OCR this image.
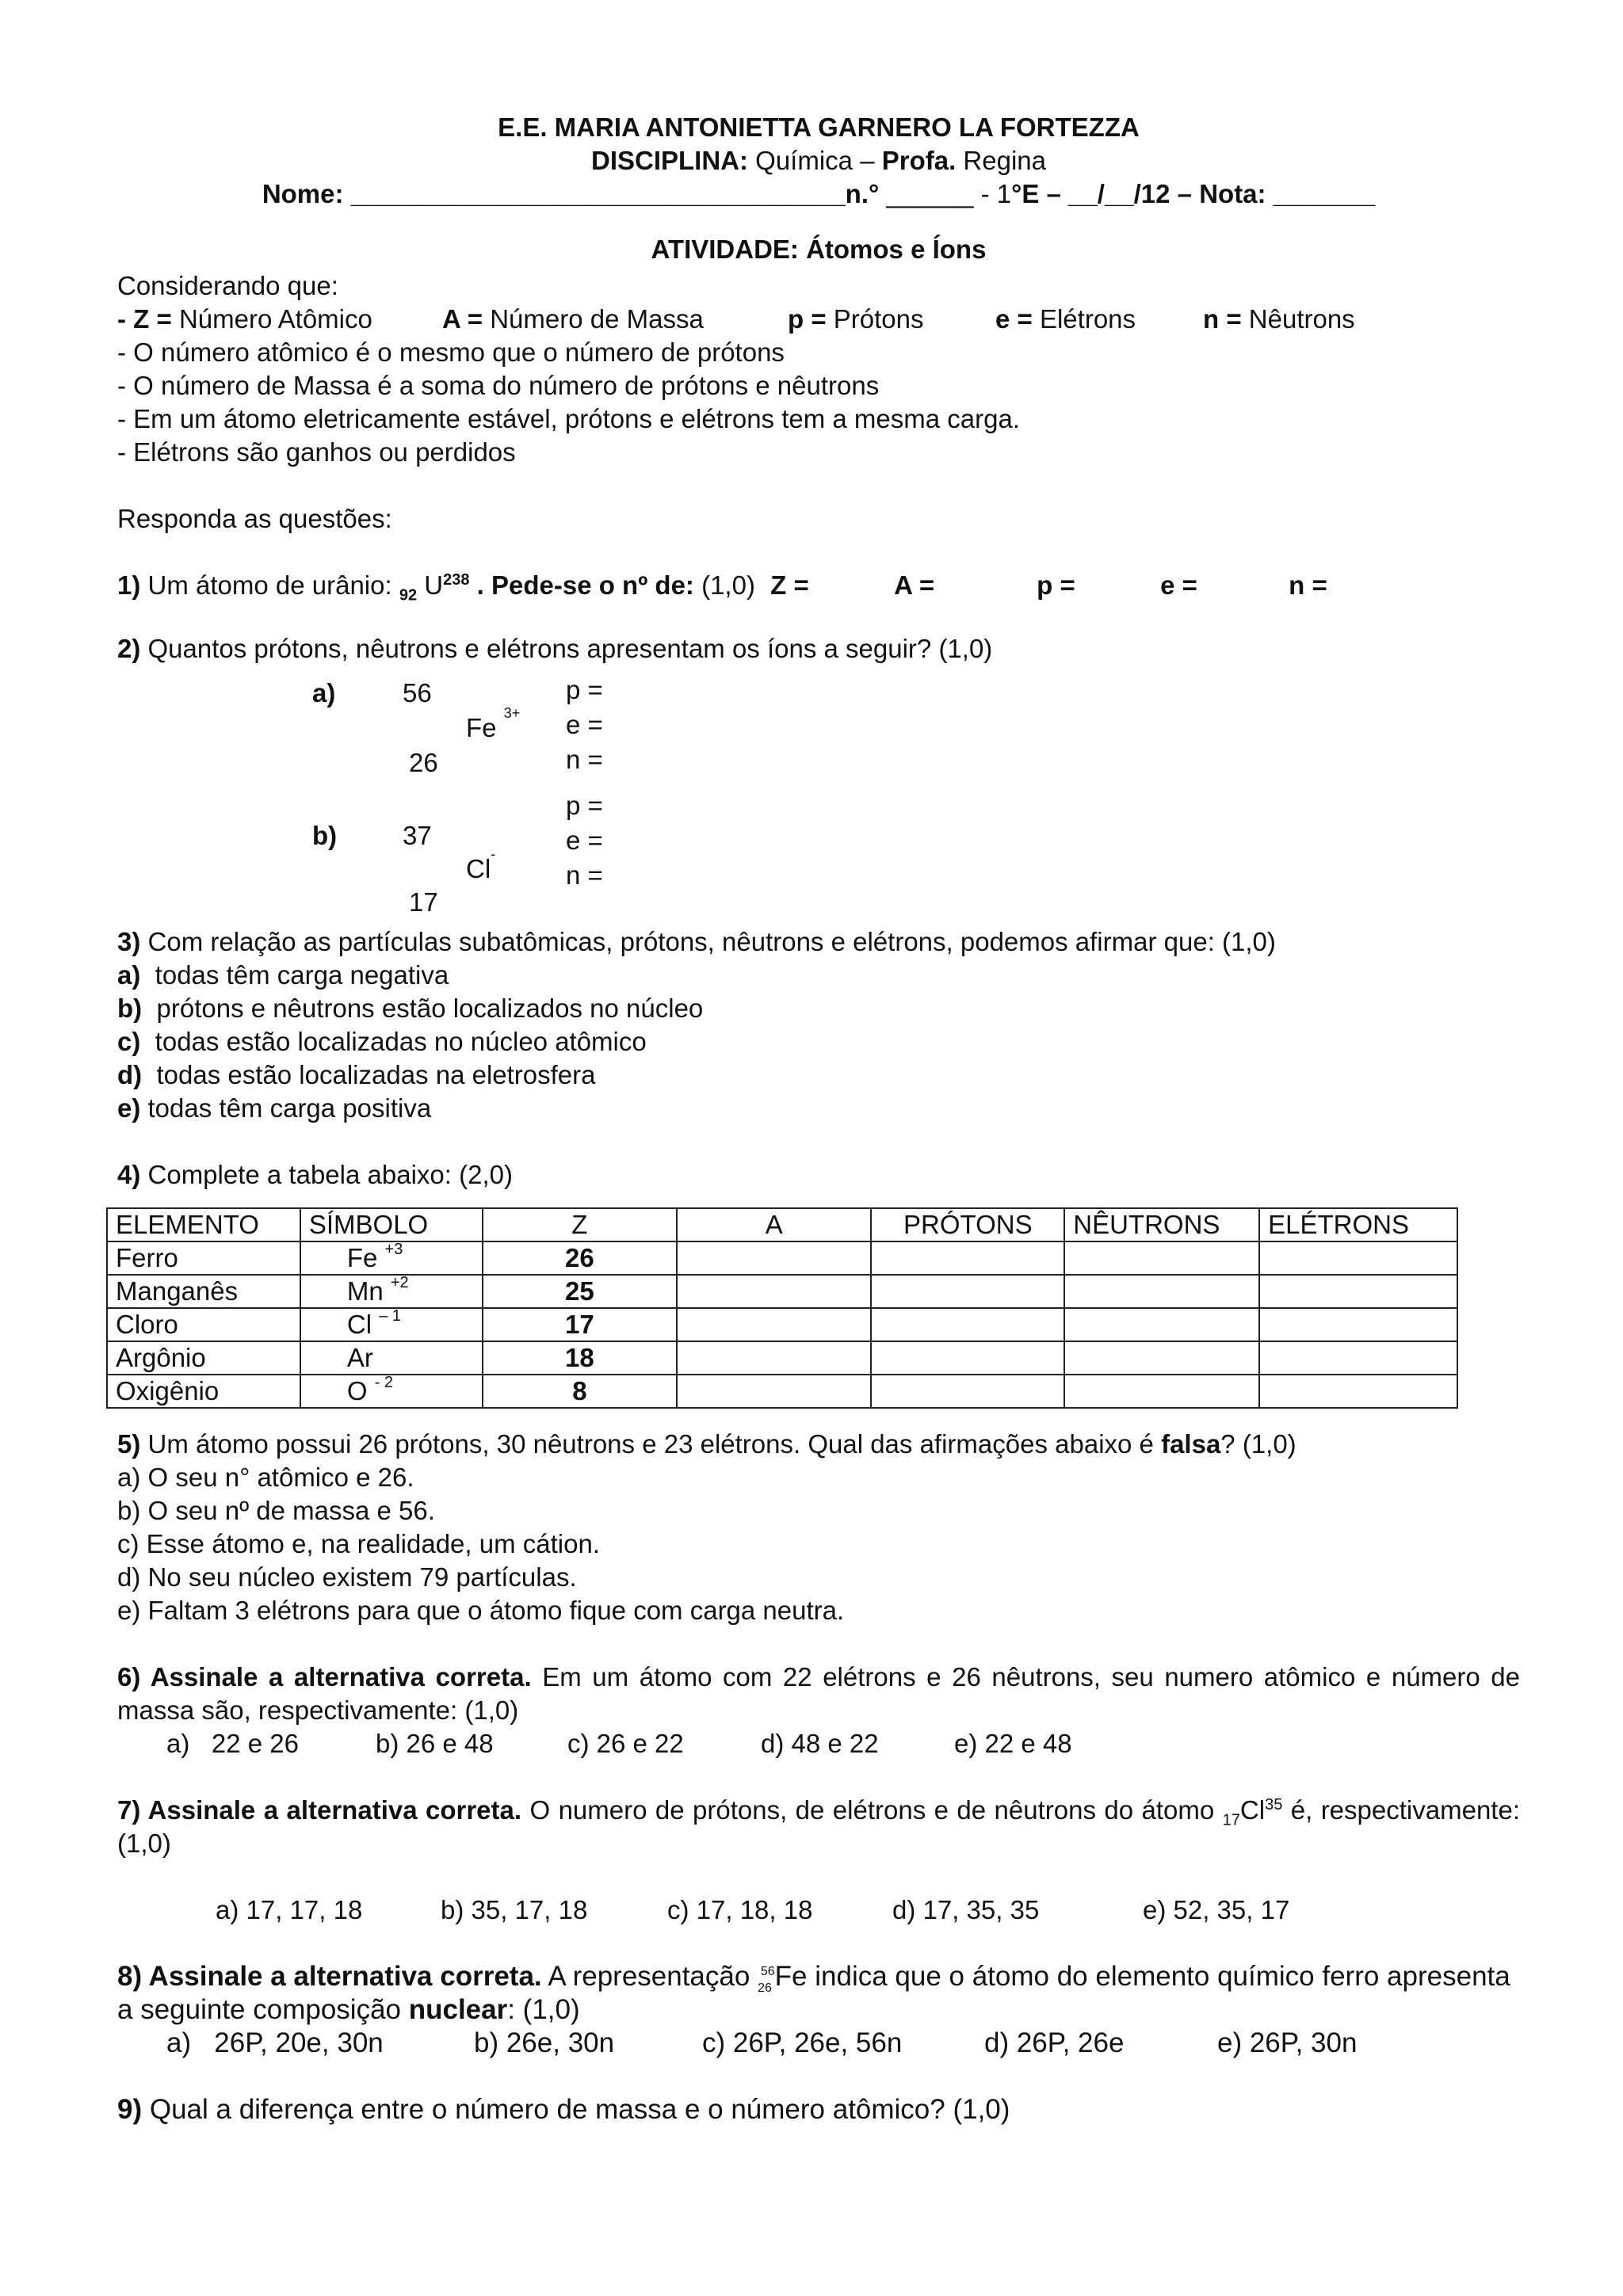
E.E. MARIA ANTONIETTA GARNERO LA FORTEZZA
DISCIPLINA: Química – Profa. Regina
Nome: __________________________________n.° ______ - 1°E – __/__/12 – Nota: _______
ATIVIDADE: Átomos e Íons
Considerando que:
- Z = Número Atômico	A = Número de Massa	p = Prótons	e = Elétrons	n = Nêutrons
- O número atômico é o mesmo que o número de prótons
- O número de Massa é a soma do número de prótons e nêutrons
- Em um átomo eletricamente estável, prótons e elétrons tem a mesma carga.
- Elétrons são ganhos ou perdidos
Responda as questões:
1) Um átomo de urânio: $_{92}$ $U^{238}$ . Pede-se o nº de: (1,0) Z =	A =	p =	e =	n =
2) Quantos prótons, nêutrons e elétrons apresentam os íons a seguir? (1,0)
a)	56
Fe $^{3+}$
26
p =
e =
n =
b)	37
Cl-
17
p =
e =
n =
3) Com relação as partículas subatômicas, prótons, nêutrons e elétrons, podemos afirmar que: (1,0)
a)  todas têm carga negativa
b)  prótons e nêutrons estão localizados no núcleo
c)  todas estão localizadas no núcleo atômico
d)  todas estão localizadas na eletrosfera
e) todas têm carga positiva
4) Complete a tabela abaixo: (2,0)
ELEMENTO	SÍMBOLO	Z	A	PRÓTONS	NÊUTRONS	ELÉTRONS
Ferro	Fe $^{+3}$	26				
Manganês	Mn $^{+2}$	25				
Cloro	Cl $^{- 1}$	17				
Argônio	Ar	18				
Oxigênio	O $^{- 2}$	8				
5) Um átomo possui 26 prótons, 30 nêutrons e 23 elétrons. Qual das afirmações abaixo é falsa? (1,0)
a) O seu n° atômico e 26.
b) O seu nº de massa e 56.
c) Esse átomo e, na realidade, um cátion.
d) No seu núcleo existem 79 partículas.
e) Faltam 3 elétrons para que o átomo fique com carga neutra.
6) Assinale a alternativa correta. Em um átomo com 22 elétrons e 26 nêutrons, seu numero atômico e número de massa são, respectivamente: (1,0)
a)   22 e 26	b) 26 e 48	c) 26 e 22	d) 48 e 22	e) 22 e 48
7) Assinale a alternativa correta. O numero de prótons, de elétrons e de nêutrons do átomo $_{17}Cl^{35}$ é, respectivamente: (1,0)
a) 17, 17, 18	b) 35, 17, 18	c) 17, 18, 18	d) 17, 35, 35	e) 52, 35, 17
8) Assinale a alternativa correta. A representação $_{26}^{56}$Fe indica que o átomo do elemento químico ferro apresenta a seguinte composição nuclear: (1,0)
a)   26P, 20e, 30n	b) 26e, 30n	c) 26P, 26e, 56n	d) 26P, 26e	e) 26P, 30n
9) Qual a diferença entre o número de massa e o número atômico? (1,0)
